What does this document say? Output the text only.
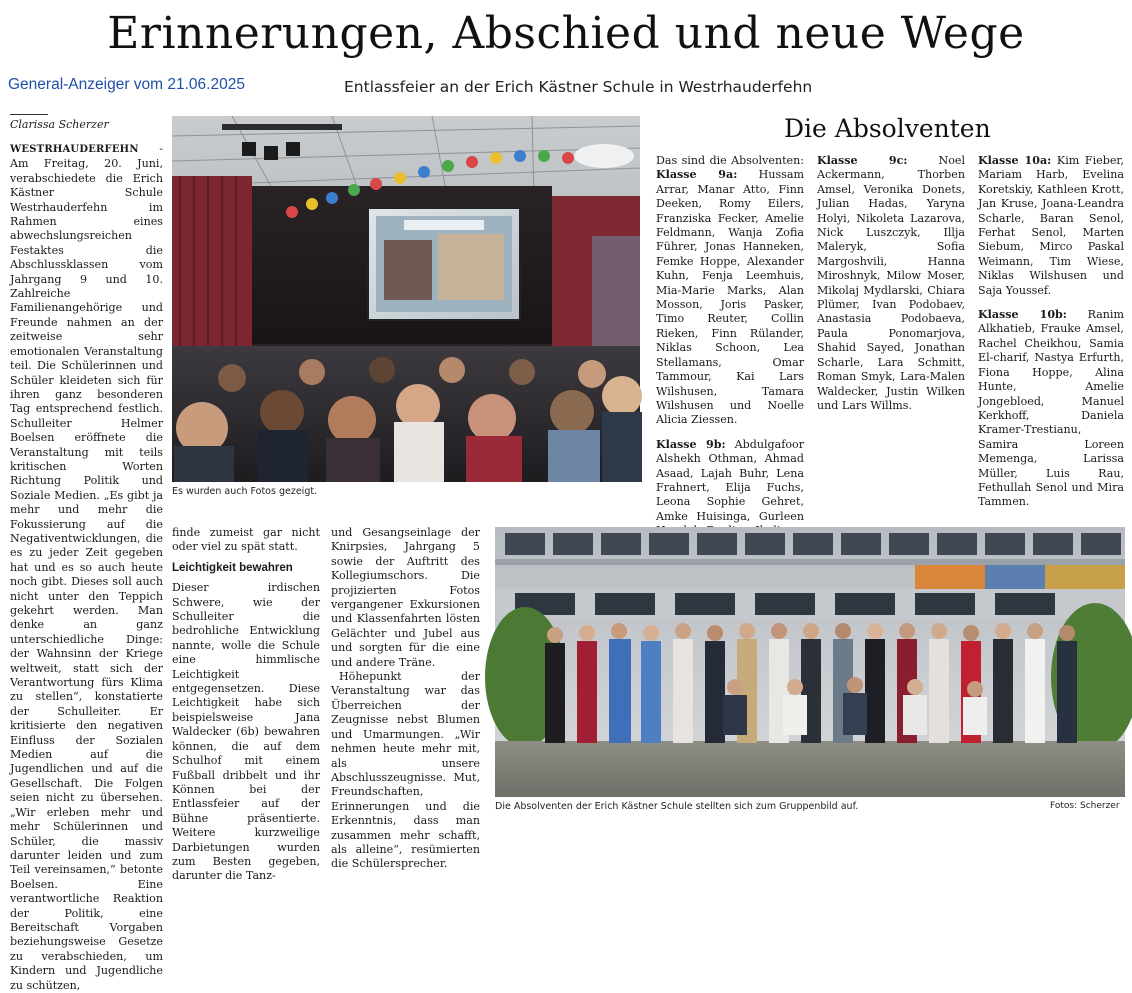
Erinnerungen, Abschied und neue Wege
General-Anzeiger vom 21.06.2025	Entlassfeier an der Erich Kästner Schule in Westrhauderfehn
Clarissa Scherzer

WESTRHAUDERFEHN - Am Freitag, 20. Juni, verabschiedete die Erich Kästner Schule Westrhauderfehn im Rahmen eines abwechslungsreichen Festaktes die Abschlussklassen vom Jahrgang 9 und 10. Zahlreiche Familienangehörige und Freunde nahmen an der zeitweise sehr emotionalen Veranstaltung teil. Die Schülerinnen und Schüler kleideten sich für ihren ganz besonderen Tag entsprechend festlich. Schulleiter Helmer Boelsen eröffnete die Veranstaltung mit teils kritischen Worten Richtung Politik und Soziale Medien. „Es gibt ja mehr und mehr die Fokussierung auf die Negativentwicklungen, die es zu jeder Zeit gegeben hat und es so auch heute noch gibt. Dieses soll auch nicht unter den Teppich gekehrt werden. Man denke an ganz unterschiedliche Dinge: der Wahnsinn der Kriege weltweit, statt sich der Verantwortung fürs Klima zu stellen“, konstatierte der Schulleiter. Er kritisierte den negativen Einfluss der Sozialen Medien auf die Jugendlichen und auf die Gesellschaft. Die Folgen seien nicht zu übersehen. „Wir erleben mehr und mehr Schülerinnen und Schüler, die massiv darunter leiden und zum Teil vereinsamen,“ betonte Boelsen. Eine verantwortliche Reaktion der Politik, eine Bereitschaft Vorgaben beziehungsweise Gesetze zu verabschieden, um Kindern und Jugendliche zu schützen,

Es wurden auch Fotos gezeigt.

finde zumeist gar nicht oder viel zu spät statt.

Leichtigkeit bewahren

Dieser irdischen Schwere, wie der Schulleiter die bedrohliche Entwicklung nannte, wolle die Schule eine himmlische Leichtigkeit entgegensetzen. Diese Leichtigkeit habe sich beispielsweise Jana Waldecker (6b) bewahren können, die auf dem Schulhof mit einem Fußball dribbelt und ihr Können bei der Entlassfeier auf der Bühne präsentierte. Weitere kurzweilige Darbietungen wurden zum Besten gegeben, darunter die Tanz-

und Gesangseinlage der Knirpsies, Jahrgang 5 sowie der Auftritt des Kollegiumschors. Die projizierten Fotos vergangener Exkursionen und Klassenfahrten lösten Gelächter und Jubel aus und sorgten für die eine und andere Träne.

Höhepunkt der Veranstaltung war das Überreichen der Zeugnisse nebst Blumen und Umarmungen. „Wir nehmen heute mehr mit, als unsere Abschlusszeugnisse. Mut, Freundschaften, Erinnerungen und die Erkenntnis, dass man zusammen mehr schafft, als alleine“, resümierten die Schülersprecher.

Die Absolventen

Das sind die Absolventen: Klasse 9a: Hussam Arrar, Manar Atto, Finn Deeken, Romy Eilers, Franziska Fecker, Amelie Feldmann, Wanja Zofia Führer, Jonas Hanneken, Femke Hoppe, Alexander Kuhn, Fenja Leemhuis, Mia-Marie Marks, Alan Mosson, Joris Pasker, Timo Reuter, Collin Rieken, Finn Rülander, Niklas Schoon, Lea Stellamans, Omar Tammour, Kai Lars Wilshusen, Tamara Wilshusen und Noelle Alicia Ziessen.

Klasse 9b: Abdulgafoor Alshekh Othman, Ahmad Asaad, Lajah Buhr, Lena Frahnert, Elija Fuchs, Leona Sophie Gehret, Amke Huisinga, Gurleen

Klasse 9c:	Noel Ackermann, Thorben Amsel, Veronika Donets, Julian Hadas, Yarynа Holyi, Nikoleta Lazarova, Nick Luszczyk, Illja Maleryk, Sofia Margoshvili, Hanna Miroshnyk, Milow Moser, Mikolaj Mydlarski, Chiara Plümer, Ivan Podobaev, Anastasia Podobaeva, Paula Ponomarjova, Shahid Sayed, Jonathan Scharle, Lara Schmitt, Roman Smyk, Lara-Malen Waldecker, Justin Wilken und Lars Willms.

Klasse 10a: Kim Fieber, Mariam Harb, Evelina Koretskiy, Kathleen Krott, Jan Kruse, Joana-Leandra Scharle, Baran Senol, Ferhat Senol, Marten Siebum, Mirco Paskal Weimann, Tim Wiese, Niklas Wilshusen und Saja Youssef.

Klasse 10b: Ranim Alkhatieb, Frauke Amsel, Rachel Cheikhou, Samia El-charif, Nastya Erfurth, Fiona Hoppe, Alina Hunte, Amelie Jongebloed, Manuel Kerkhoff, Daniela Kramer-Trestianu, Samira Loreen Memenga, Larissa Müller, Luis Rau, Fethullah Senol und Mira Tammen.

Die Absolventen der Erich Kästner Schule stellten sich zum Gruppenbild auf.	Fotos: Scherzer
